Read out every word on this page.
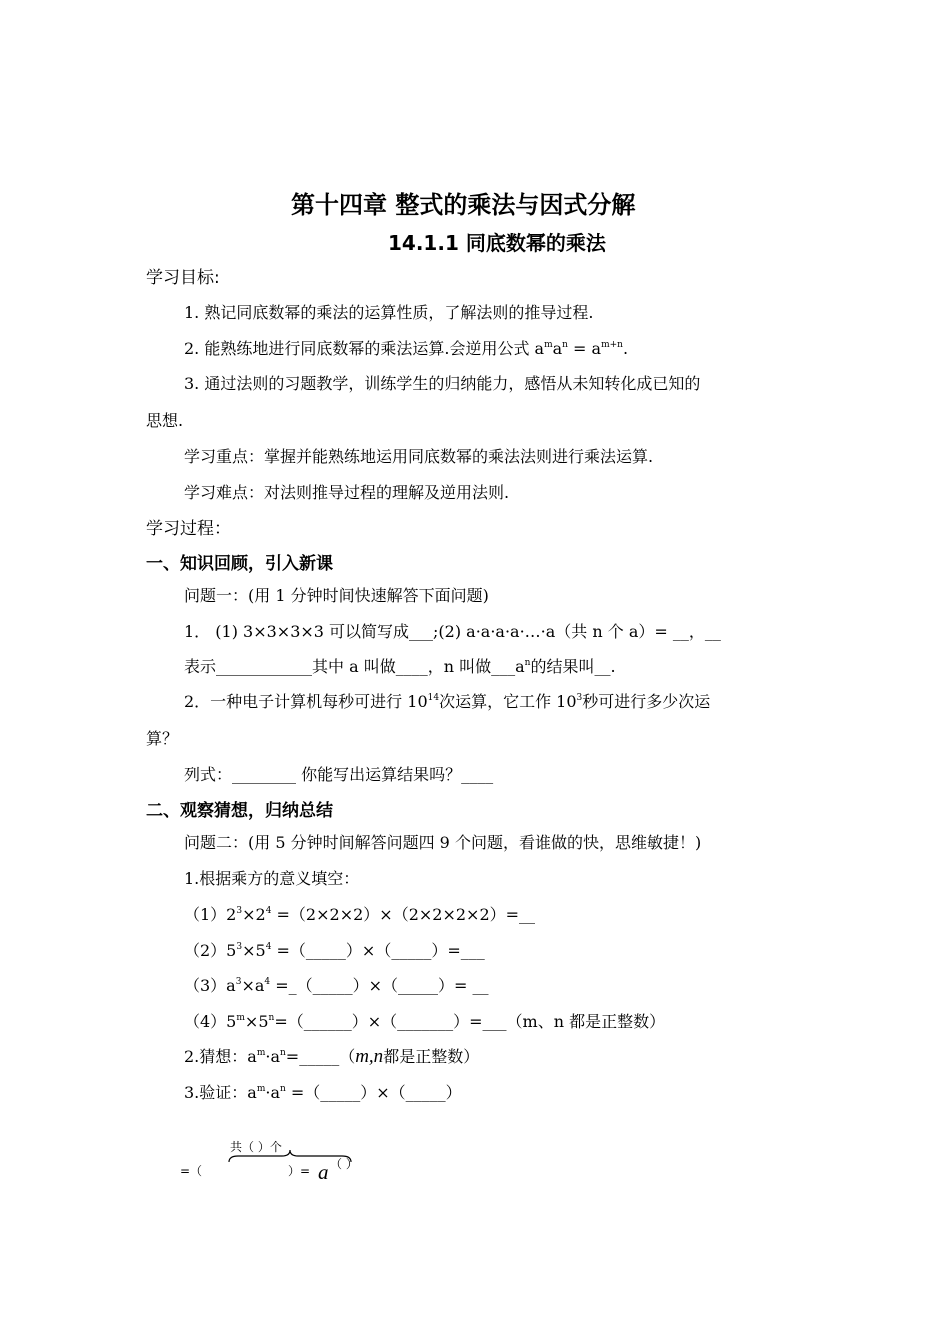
第十四章 整式的乘法与因式分解
14.1.1 同底数幂的乘法
学习目标:
1. 熟记同底数幂的乘法的运算性质，了解法则的推导过程.
2. 能熟练地进行同底数幂的乘法运算.会逆用公式 $a^ma^n = a^{m+n}$.
3. 通过法则的习题教学，训练学生的归纳能力，感悟从未知转化成已知的
思想.
学习重点：掌握并能熟练地运用同底数幂的乘法法则进行乘法运算.
学习难点：对法则推导过程的理解及逆用法则.
学习过程：
一、知识回顾，引入新课
问题一：(用 1 分钟时间快速解答下面问题)
1． (1) 3×3×3×3 可以简写成___;(2) a·a·a·a·…·a（共 n 个 a）= __，__
表示____________其中 a 叫做____，n 叫做$\_\_\_a^n$的结果叫__.
2．一种电子计算机每秒可进行 $10^{14}$次运算，它工作 $10^3$秒可进行多少次运
算？
列式：________ 你能写出运算结果吗？____
二、观察猜想，归纳总结
问题二：(用 5 分钟时间解答问题四 9 个问题，看谁做的快，思维敏捷！)
1.根据乘方的意义填空：
$(1)2^3\times 2^4$ =（2×2×2）×（2×2×2×2）=__
$(2)5^3\times 5^4$ =（_____）×（_____）=___
$(3)a^3\times a^4$ =_（_____）×（_____）= __
$(4)5^m\times 5^n=(\_\_\_\_\_\_)\times(\_\_\_\_\_\_\_)=\_\_\_(m$、n 都是正整数）
2.猜想：$a^m\cdot a^n=\_\_\_\_\_(m,n$都是正整数）
3.验证：$a^m\cdot a^n$ =（_____）×（_____）
共（ ）个
=（	）= a （ ）
